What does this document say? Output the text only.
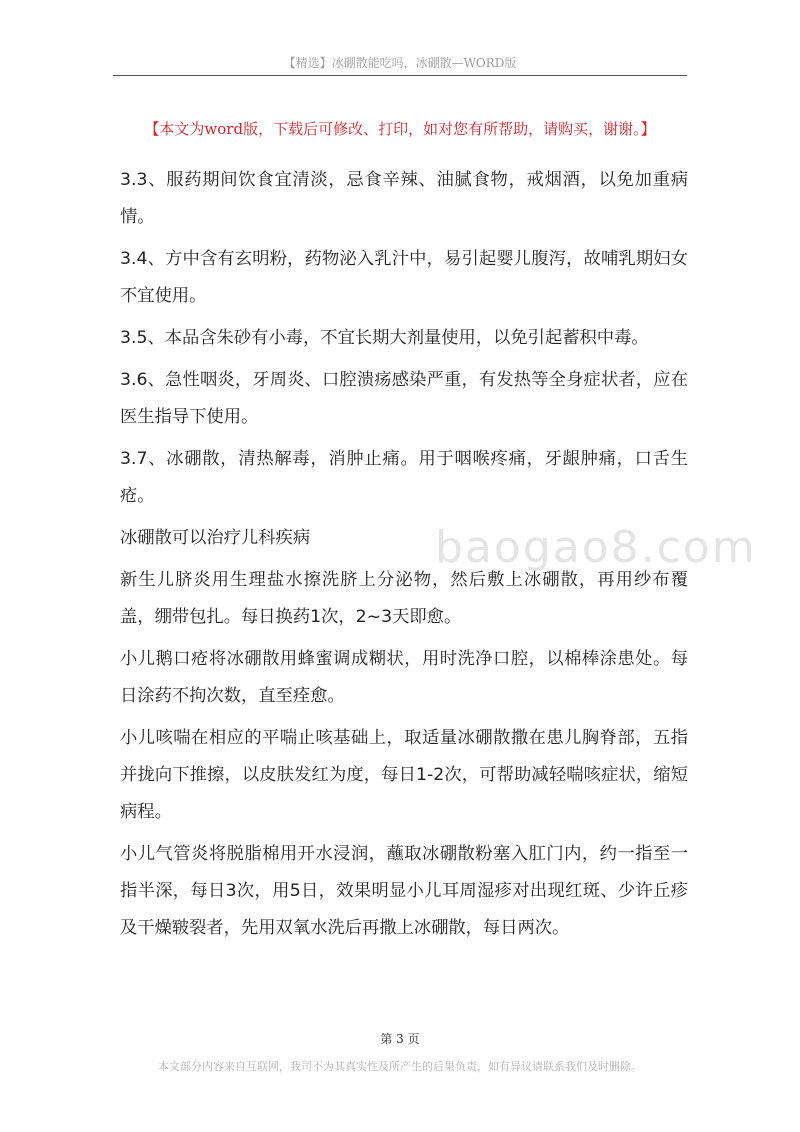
【精选】冰硼散能吃吗，冰硼散—WORD版
【本文为word版，下载后可修改、打印，如对您有所帮助，请购买，谢谢。】
baogao8.com

3.3、服药期间饮食宜清淡，忌食辛辣、油腻食物，戒烟酒，以免加重病情。

3.4、方中含有玄明粉，药物泌入乳汁中，易引起婴儿腹泻，故哺乳期妇女不宜使用。

3.5、本品含朱砂有小毒，不宜长期大剂量使用，以免引起蓄积中毒。

3.6、急性咽炎，牙周炎、口腔溃疡感染严重，有发热等全身症状者，应在医生指导下使用。

3.7、冰硼散，清热解毒，消肿止痛。用于咽喉疼痛，牙龈肿痛，口舌生疮。

冰硼散可以治疗儿科疾病

新生儿脐炎用生理盐水擦洗脐上分泌物，然后敷上冰硼散，再用纱布覆盖，绷带包扎。每日换药1次，2~3天即愈。

小儿鹅口疮将冰硼散用蜂蜜调成糊状，用时洗净口腔，以棉棒涂患处。每日涂药不拘次数，直至痊愈。

小儿咳喘在相应的平喘止咳基础上，取适量冰硼散撒在患儿胸脊部，五指并拢向下推擦，以皮肤发红为度，每日1-2次，可帮助减轻喘咳症状，缩短病程。

小儿气管炎将脱脂棉用开水浸润，蘸取冰硼散粉塞入肛门内，约一指至一指半深，每日3次，用5日，效果明显小儿耳周湿疹对出现红斑、少许丘疹及干燥皲裂者，先用双氧水洗后再撒上冰硼散，每日两次。

第 3 页
本文部分内容来自互联网，我司不为其真实性及所产生的后果负责，如有异议请联系我们及时删除。
